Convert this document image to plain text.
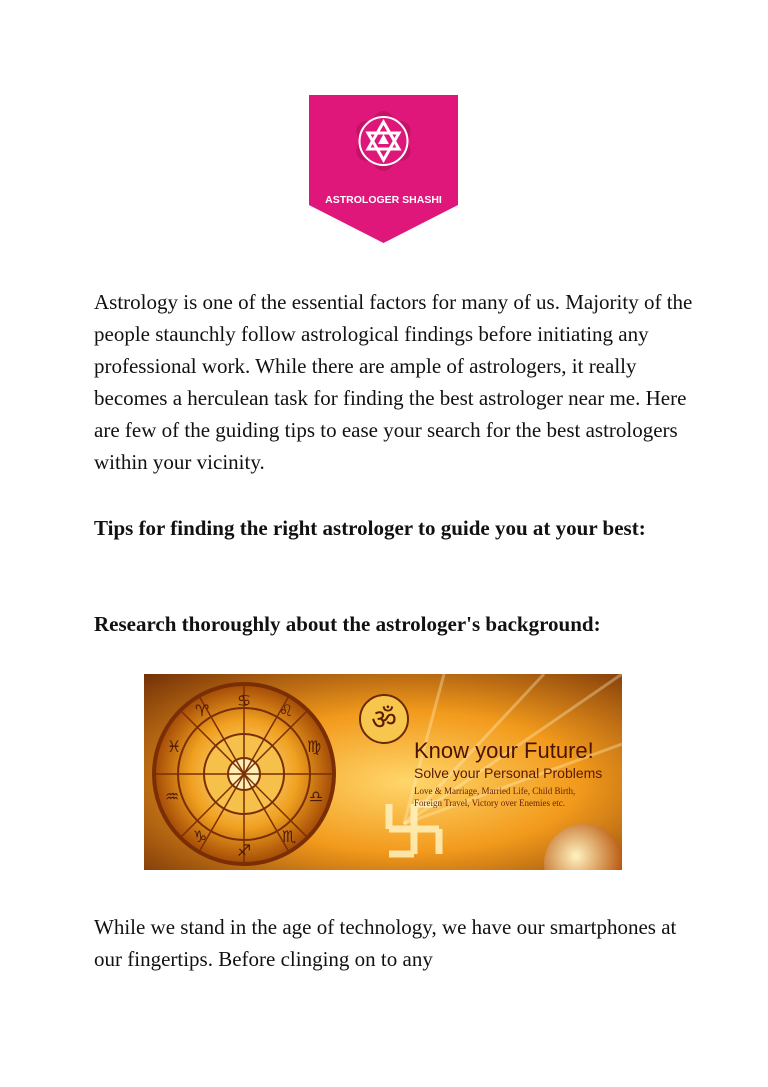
ASTROLOGER SHASHI

Astrology is one of the essential factors for many of us. Majority of the people staunchly follow astrological findings before initiating any professional work. While there are ample of astrologers, it really becomes a herculean task for finding the best astrologer near me. Here are few of the guiding tips to ease your search for the best astrologers within your vicinity.

Tips for finding the right astrologer to guide you at your best:

Research thoroughly about the astrologer's background:

♋
♌
♍
♎
♏
♐
♑
♒
♓
♈	ॐ
Know your Future!
Solve your Personal Problems
Love & Marriage, Married Life, Child Birth,
Foreign Travel, Victory over Enemies etc.

While we stand in the age of technology, we have our smartphones at our fingertips. Before clinging on to any
